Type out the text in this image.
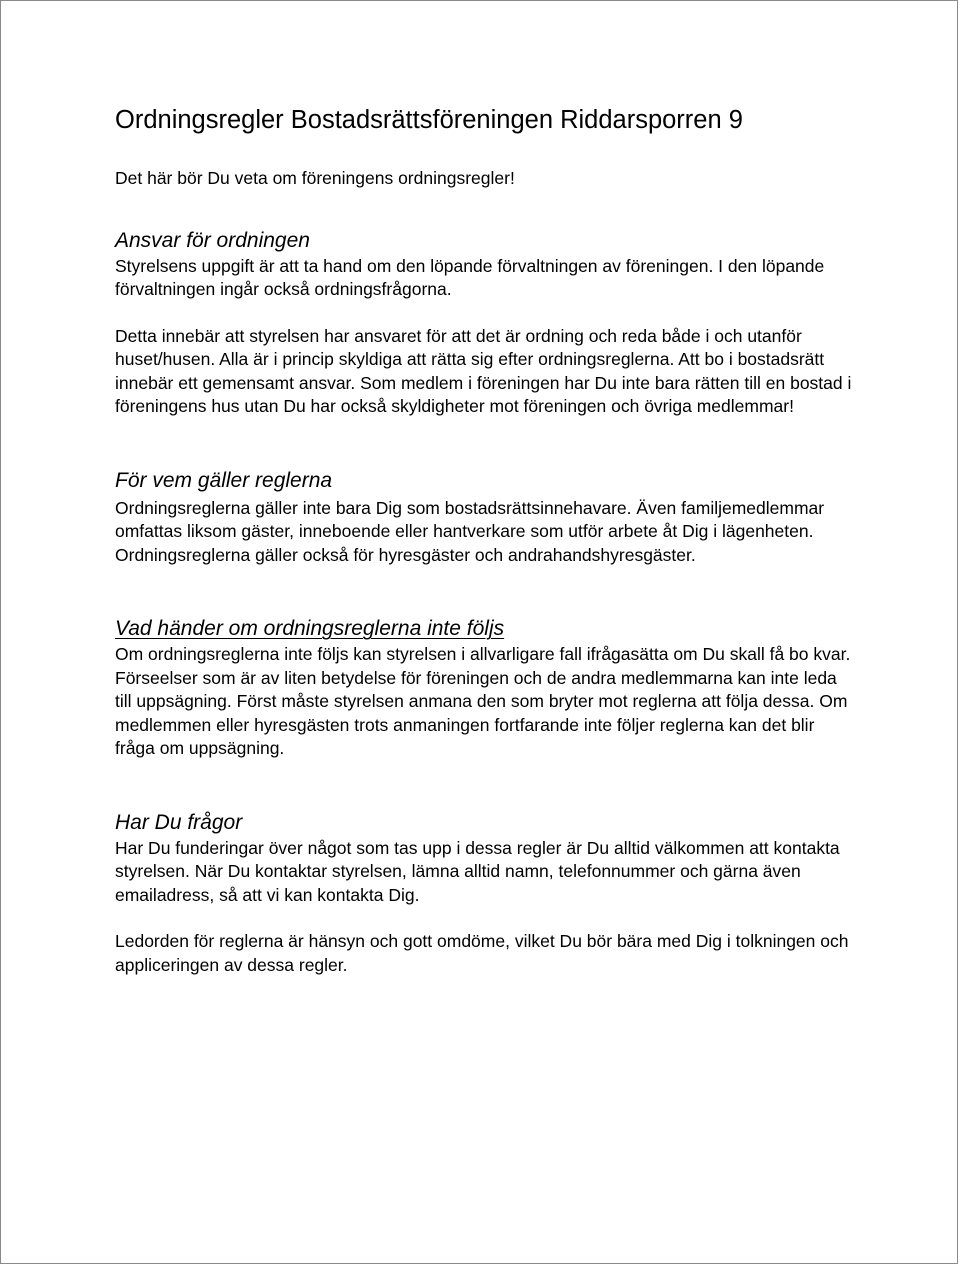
Ordningsregler Bostadsrättsföreningen Riddarsporren 9

Det här bör Du veta om föreningens ordningsregler!

Ansvar för ordningen

Styrelsens uppgift är att ta hand om den löpande förvaltningen av föreningen. I den löpande förvaltningen ingår också ordningsfrågorna.

Detta innebär att styrelsen har ansvaret för att det är ordning och reda både i och utanför huset/husen. Alla är i princip skyldiga att rätta sig efter ordningsreglerna. Att bo i bostadsrätt innebär ett gemensamt ansvar. Som medlem i föreningen har Du inte bara rätten till en bostad i föreningens hus utan Du har också skyldigheter mot föreningen och övriga medlemmar!

För vem gäller reglerna

Ordningsreglerna gäller inte bara Dig som bostadsrättsinnehavare. Även familjemedlemmar omfattas liksom gäster, inneboende eller hantverkare som utför arbete åt Dig i lägenheten. Ordningsreglerna gäller också för hyresgäster och andrahandshyresgäster.

Vad händer om ordningsreglerna inte följs

Om ordningsreglerna inte följs kan styrelsen i allvarligare fall ifrågasätta om Du skall få bo kvar. Förseelser som är av liten betydelse för föreningen och de andra medlemmarna kan inte leda till uppsägning. Först måste styrelsen anmana den som bryter mot reglerna att följa dessa. Om medlemmen eller hyresgästen trots anmaningen fortfarande inte följer reglerna kan det blir fråga om uppsägning.

Har Du frågor

Har Du funderingar över något som tas upp i dessa regler är Du alltid välkommen att kontakta styrelsen. När Du kontaktar styrelsen, lämna alltid namn, telefonnummer och gärna även emailadress, så att vi kan kontakta Dig.

Ledorden för reglerna är hänsyn och gott omdöme, vilket Du bör bära med Dig i tolkningen och appliceringen av dessa regler.
